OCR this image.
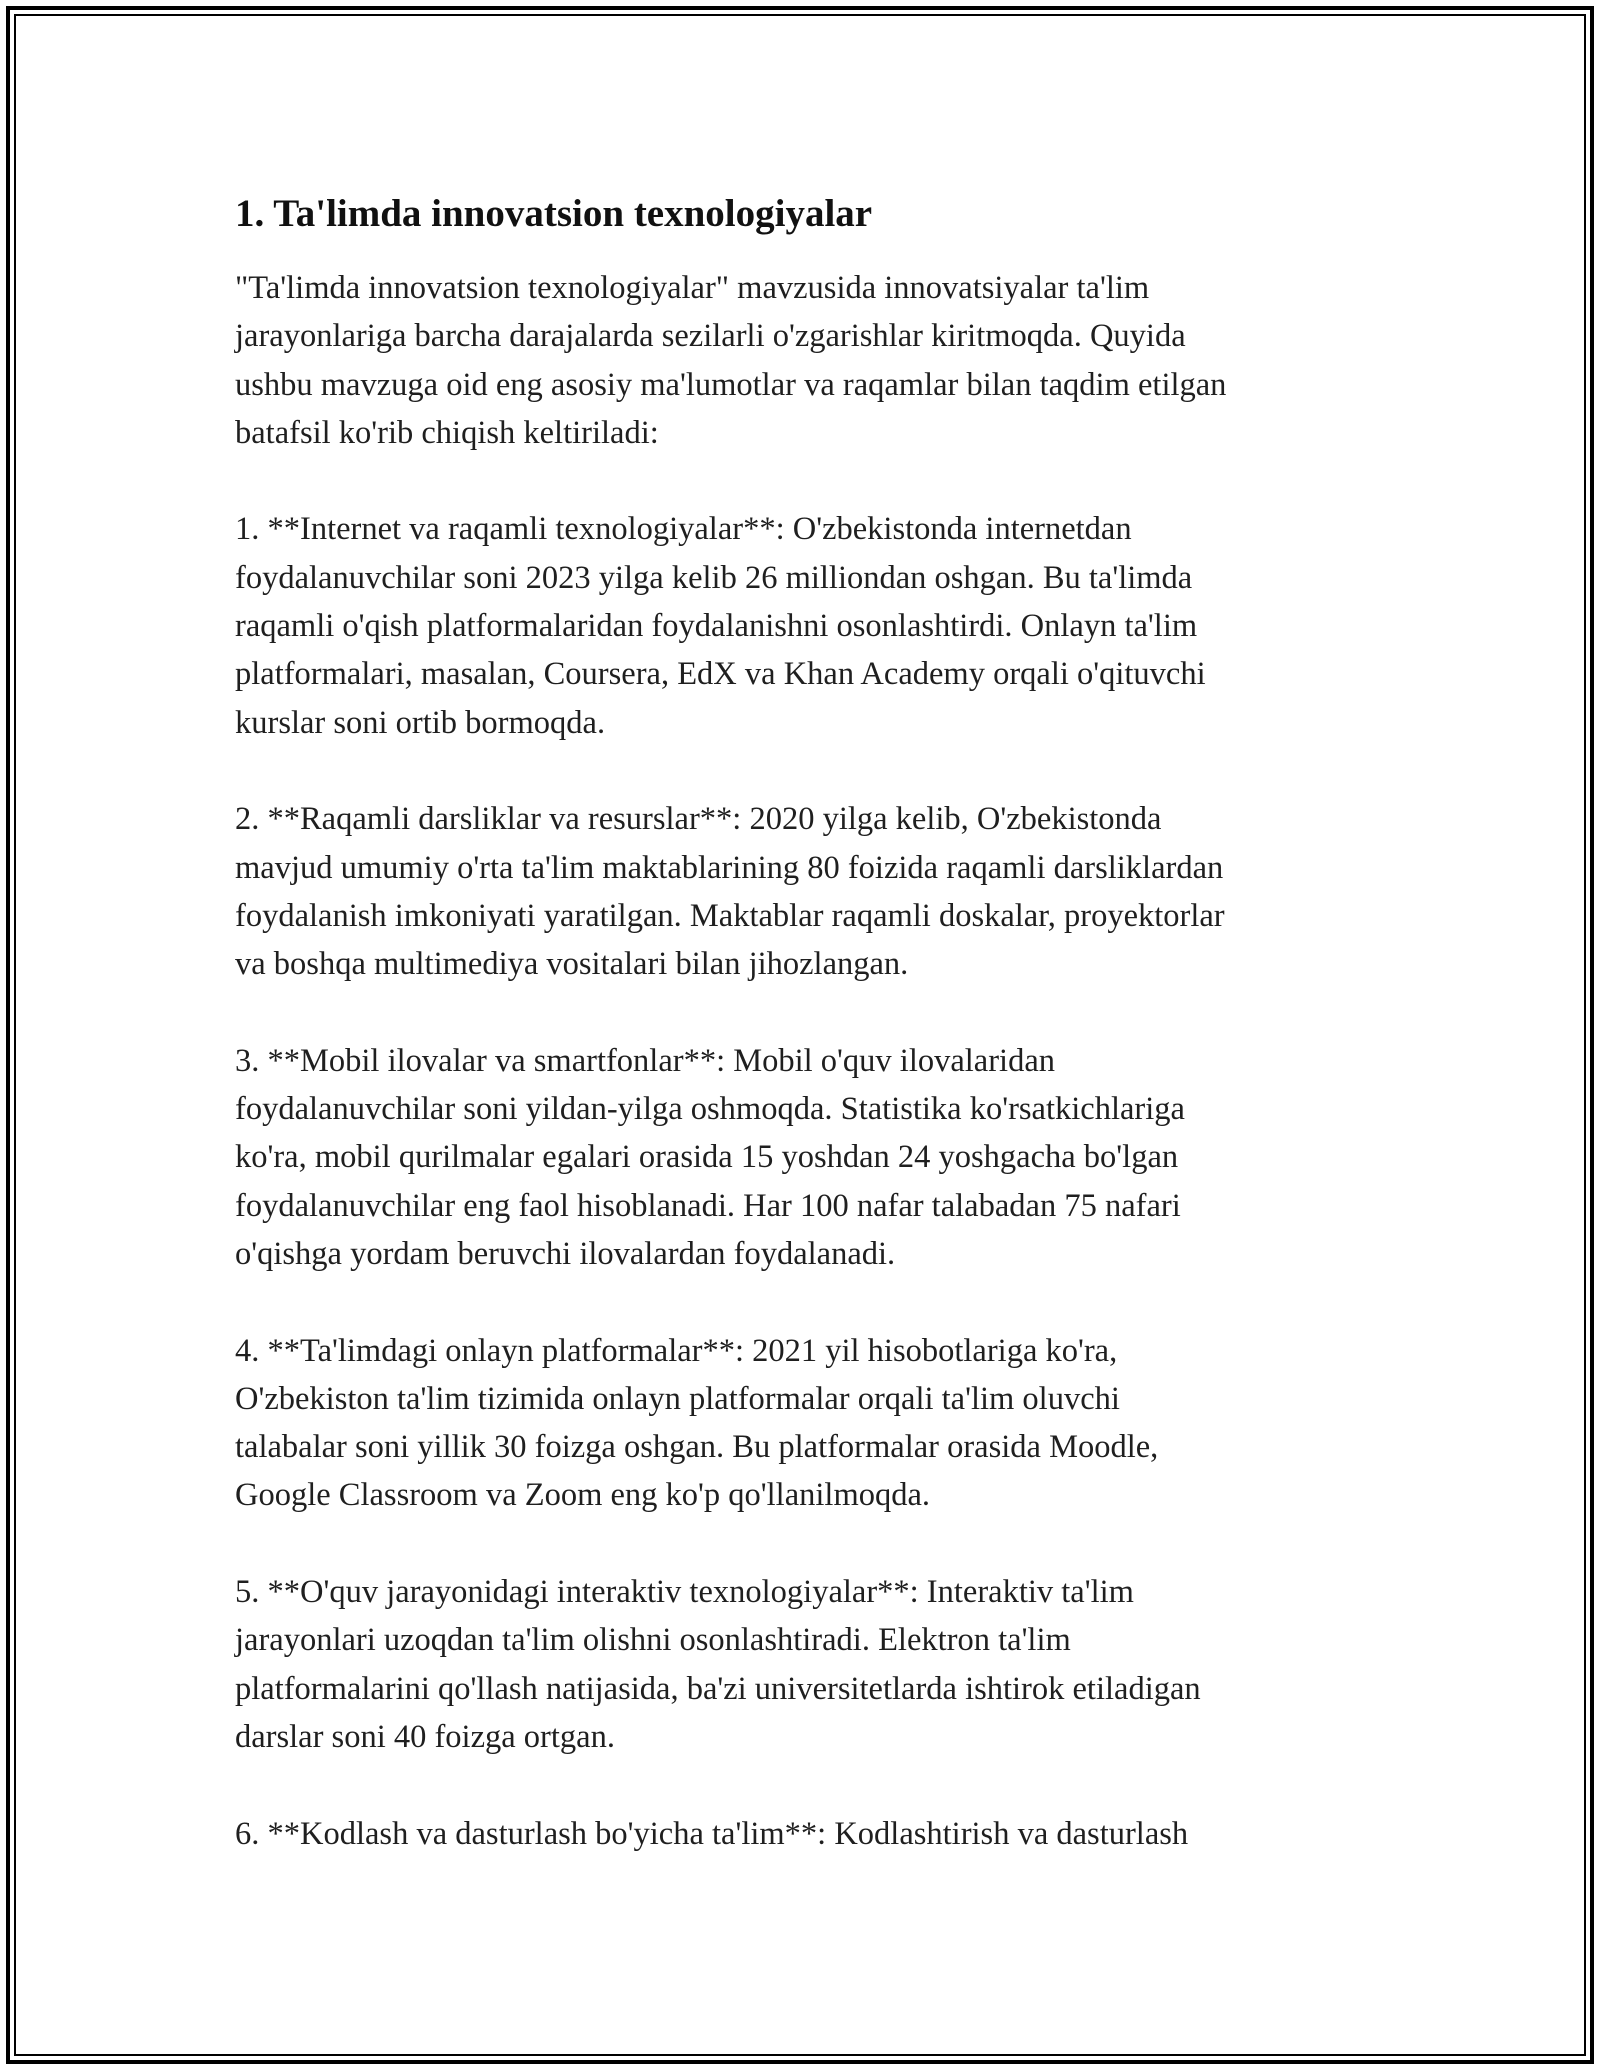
1. Ta'limda innovatsion texnologiyalar

"Ta'limda innovatsion texnologiyalar" mavzusida innovatsiyalar ta'lim
jarayonlariga barcha darajalarda sezilarli o'zgarishlar kiritmoqda. Quyida
ushbu mavzuga oid eng asosiy ma'lumotlar va raqamlar bilan taqdim etilgan
batafsil ko'rib chiqish keltiriladi:

1. **Internet va raqamli texnologiyalar**: O'zbekistonda internetdan
foydalanuvchilar soni 2023 yilga kelib 26 milliondan oshgan. Bu ta'limda
raqamli o'qish platformalaridan foydalanishni osonlashtirdi. Onlayn ta'lim
platformalari, masalan, Coursera, EdX va Khan Academy orqali o'qituvchi
kurslar soni ortib bormoqda.

2. **Raqamli darsliklar va resurslar**: 2020 yilga kelib, O'zbekistonda
mavjud umumiy o'rta ta'lim maktablarining 80 foizida raqamli darsliklardan
foydalanish imkoniyati yaratilgan. Maktablar raqamli doskalar, proyektorlar
va boshqa multimediya vositalari bilan jihozlangan.

3. **Mobil ilovalar va smartfonlar**: Mobil o'quv ilovalaridan
foydalanuvchilar soni yildan-yilga oshmoqda. Statistika ko'rsatkichlariga
ko'ra, mobil qurilmalar egalari orasida 15 yoshdan 24 yoshgacha bo'lgan
foydalanuvchilar eng faol hisoblanadi. Har 100 nafar talabadan 75 nafari
o'qishga yordam beruvchi ilovalardan foydalanadi.

4. **Ta'limdagi onlayn platformalar**: 2021 yil hisobotlariga ko'ra,
O'zbekiston ta'lim tizimida onlayn platformalar orqali ta'lim oluvchi
talabalar soni yillik 30 foizga oshgan. Bu platformalar orasida Moodle,
Google Classroom va Zoom eng ko'p qo'llanilmoqda.

5. **O'quv jarayonidagi interaktiv texnologiyalar**: Interaktiv ta'lim
jarayonlari uzoqdan ta'lim olishni osonlashtiradi. Elektron ta'lim
platformalarini qo'llash natijasida, ba'zi universitetlarda ishtirok etiladigan
darslar soni 40 foizga ortgan.

6. **Kodlash va dasturlash bo'yicha ta'lim**: Kodlashtirish va dasturlash
